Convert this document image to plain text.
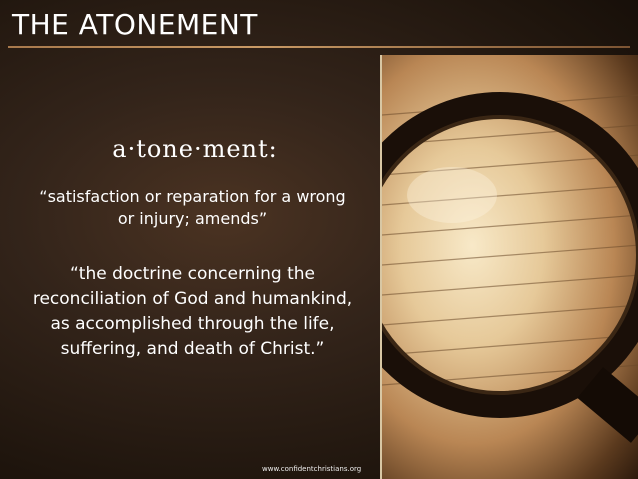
THE ATONEMENT
a·tone·ment:
“satisfaction or reparation for a wrong
or injury; amends”
“the doctrine concerning the
reconciliation of God and humankind,
as accomplished through the life,
suffering, and death of Christ.”
www.confidentchristians.org
